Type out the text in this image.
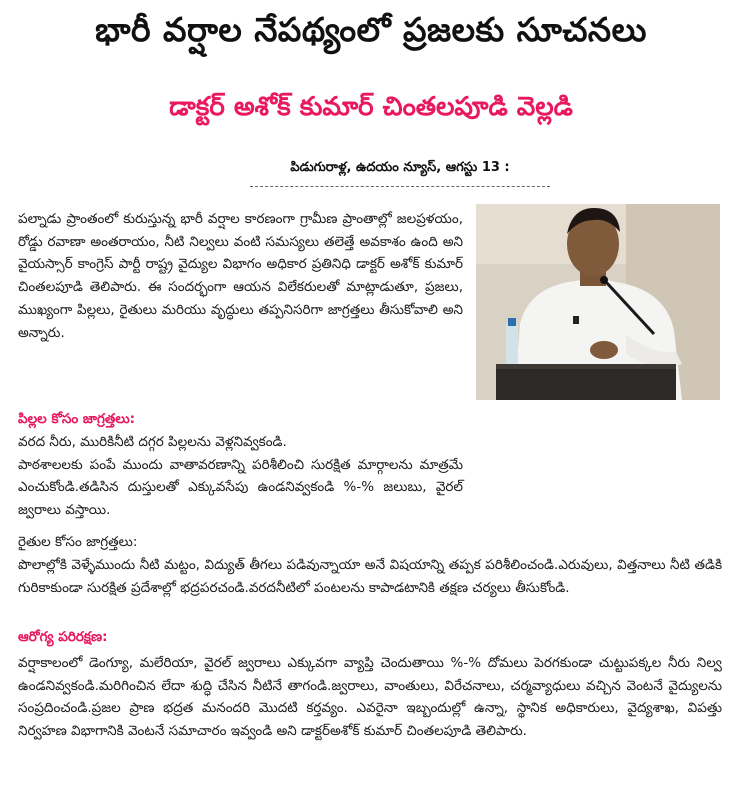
భారీ వర్షాల నేపథ్యంలో ప్రజలకు సూచనలు
డాక్టర్ అశోక్ కుమార్ చింతలపూడి వెల్లడి
పిడుగురాళ్ల, ఉదయం న్యూస్, ఆగస్టు 13 :
పల్నాడు ప్రాంతంలో కురుస్తున్న భారీ వర్షాల కారణంగా గ్రామీణ ప్రాంతాల్లో జలప్రళయం, రోడ్డు రవాణా అంతరాయం, నీటి నిల్వలు వంటి సమస్యలు తలెత్తే అవకాశం ఉంది అని వైయస్సార్ కాంగ్రెస్ పార్టీ రాష్ట్ర వైద్యుల విభాగం అధికార ప్రతినిధి డాక్టర్ అశోక్ కుమార్ చింతలపూడి తెలిపారు. ఈ సందర్భంగా ఆయన విలేకరులతో మాట్లాడుతూ, ప్రజలు, ముఖ్యంగా పిల్లలు, రైతులు మరియు వృద్ధులు తప్పనిసరిగా జాగ్రత్తలు తీసుకోవాలి అని అన్నారు.
పిల్లల కోసం జాగ్రత్తలు:

వరద నీరు, మురికినీటి దగ్గర పిల్లలను వెళ్లనివ్వకండి.

పాఠశాలలకు పంపే ముందు వాతావరణాన్ని పరిశీలించి సురక్షిత మార్గాలను మాత్రమే ఎంచుకోండి.తడిసిన దుస్తులతో ఎక్కువసేపు ఉండనివ్వకండి %-% జలుబు, వైరల్ జ్వరాలు వస్తాయి.

రైతుల కోసం జాగ్రత్తలు:
పొలాల్లోకి వెళ్ళేముందు నీటి మట్టం, విద్యుత్ తీగలు పడివున్నాయా అనే విషయాన్ని తప్పక పరిశీలించండి.ఎరువులు, విత్తనాలు నీటి తడికి గురికాకుండా సురక్షిత ప్రదేశాల్లో భద్రపరచండి.వరదనీటిలో పంటలను కాపాడటానికి తక్షణ చర్యలు తీసుకోండి.
ఆరోగ్య పరిరక్షణ:
వర్షాకాలంలో డెంగ్యూ, మలేరియా, వైరల్ జ్వరాలు ఎక్కువగా వ్యాప్తి చెందుతాయి %-% దోమలు పెరగకుండా చుట్టుపక్కల నీరు నిల్వ ఉండనివ్వకండి.మరిగించిన లేదా శుద్ధి చేసిన నీటినే తాగండి.జ్వరాలు, వాంతులు, విరేచనాలు, చర్మవ్యాధులు వచ్చిన వెంటనే వైద్యులను సంప్రదించండి.ప్రజల ప్రాణ భద్రత మనందరి మొదటి కర్తవ్యం. ఎవరైనా ఇబ్బందుల్లో ఉన్నా, స్థానిక అధికారులు, వైద్యశాఖ, విపత్తు నిర్వహణ విభాగానికి వెంటనే సమాచారం ఇవ్వండి అని డాక్టర్అశోక్ కుమార్ చింతలపూడి తెలిపారు.
